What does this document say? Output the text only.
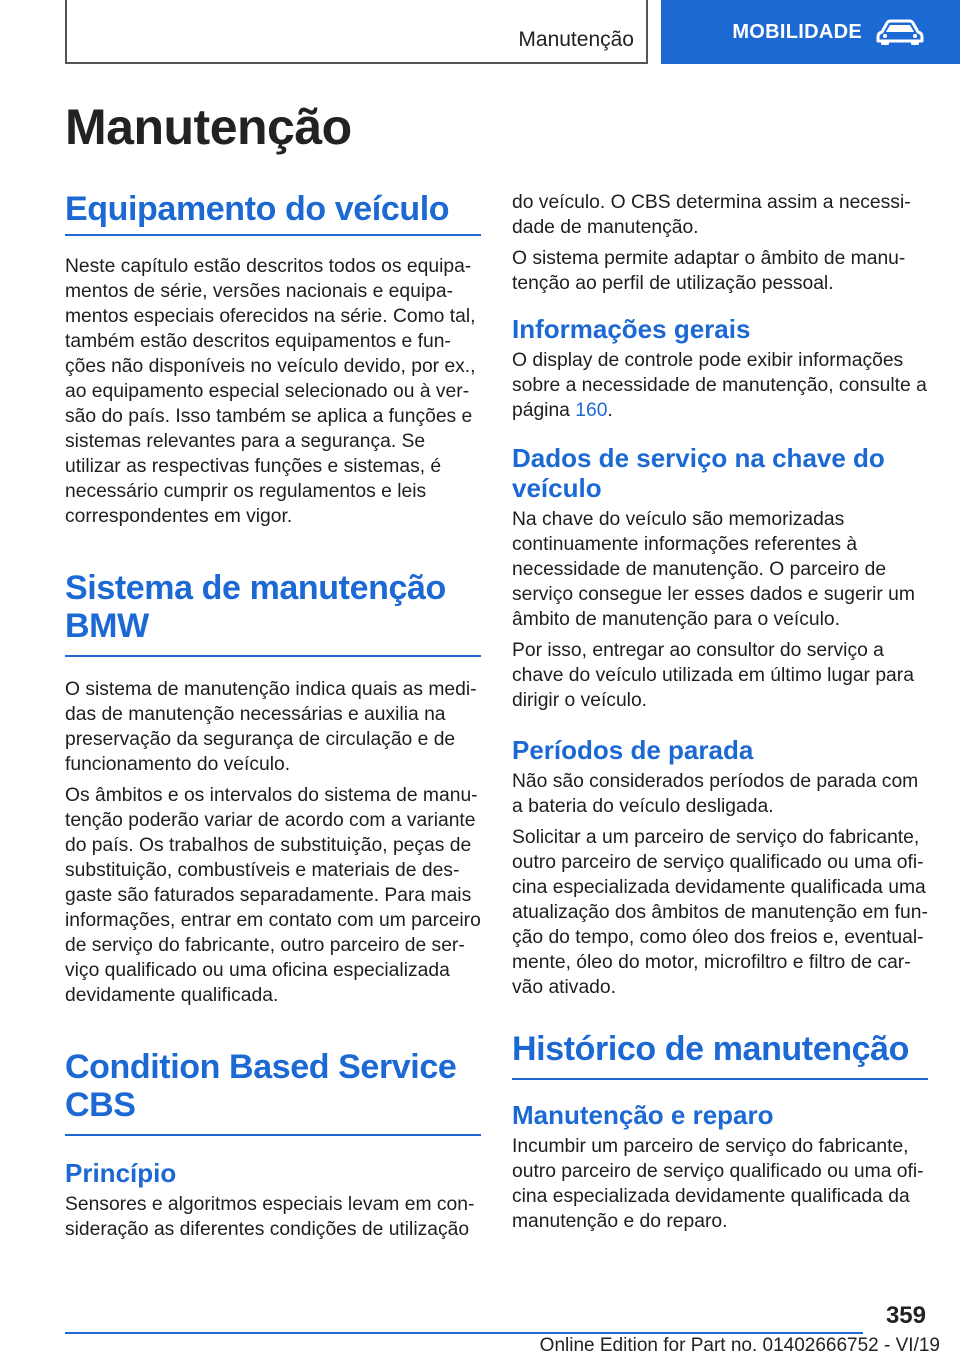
Manutenção	MOBILIDADE
Manutenção
Equipamento do veículo

Neste capítulo estão descritos todos os equipamentos de série, versões nacionais e equipamentos especiais oferecidos na série. Como tal, também estão descritos equipamentos e funções não disponíveis no veículo devido, por ex., ao equipamento especial selecionado ou à versão do país. Isso também se aplica a funções e sistemas relevantes para a segurança. Se utilizar as respectivas funções e sistemas, é necessário cumprir os regulamentos e leis correspondentes em vigor.

Sistema de manutenção BMW

O sistema de manutenção indica quais as medidas de manutenção necessárias e auxilia na preservação da segurança de circulação e de funcionamento do veículo.

Os âmbitos e os intervalos do sistema de manutenção poderão variar de acordo com a variante do país. Os trabalhos de substituição, peças de substituição, combustíveis e materiais de desgaste são faturados separadamente. Para mais informações, entrar em contato com um parceiro de serviço do fabricante, outro parceiro de serviço qualificado ou uma oficina especializada devidamente qualificada.

Condition Based Service CBS
Princípio

Sensores e algoritmos especiais levam em consideração as diferentes condições de utilização

do veículo. O CBS determina assim a necessidade de manutenção.

O sistema permite adaptar o âmbito de manutenção ao perfil de utilização pessoal.

Informações gerais

O display de controle pode exibir informações sobre a necessidade de manutenção, consulte a página 160.

Dados de serviço na chave do veículo

Na chave do veículo são memorizadas continuamente informações referentes à necessidade de manutenção. O parceiro de serviço consegue ler esses dados e sugerir um âmbito de manutenção para o veículo.

Por isso, entregar ao consultor do serviço a chave do veículo utilizada em último lugar para dirigir o veículo.

Períodos de parada

Não são considerados períodos de parada com a bateria do veículo desligada.

Solicitar a um parceiro de serviço do fabricante, outro parceiro de serviço qualificado ou uma oficina especializada devidamente qualificada uma atualização dos âmbitos de manutenção em função do tempo, como óleo dos freios e, eventualmente, óleo do motor, microfiltro e filtro de carvão ativado.

Histórico de manutenção
Manutenção e reparo

Incumbir um parceiro de serviço do fabricante, outro parceiro de serviço qualificado ou uma oficina especializada devidamente qualificada da manutenção e do reparo.

359
Online Edition for Part no. 01402666752 - VI/19
